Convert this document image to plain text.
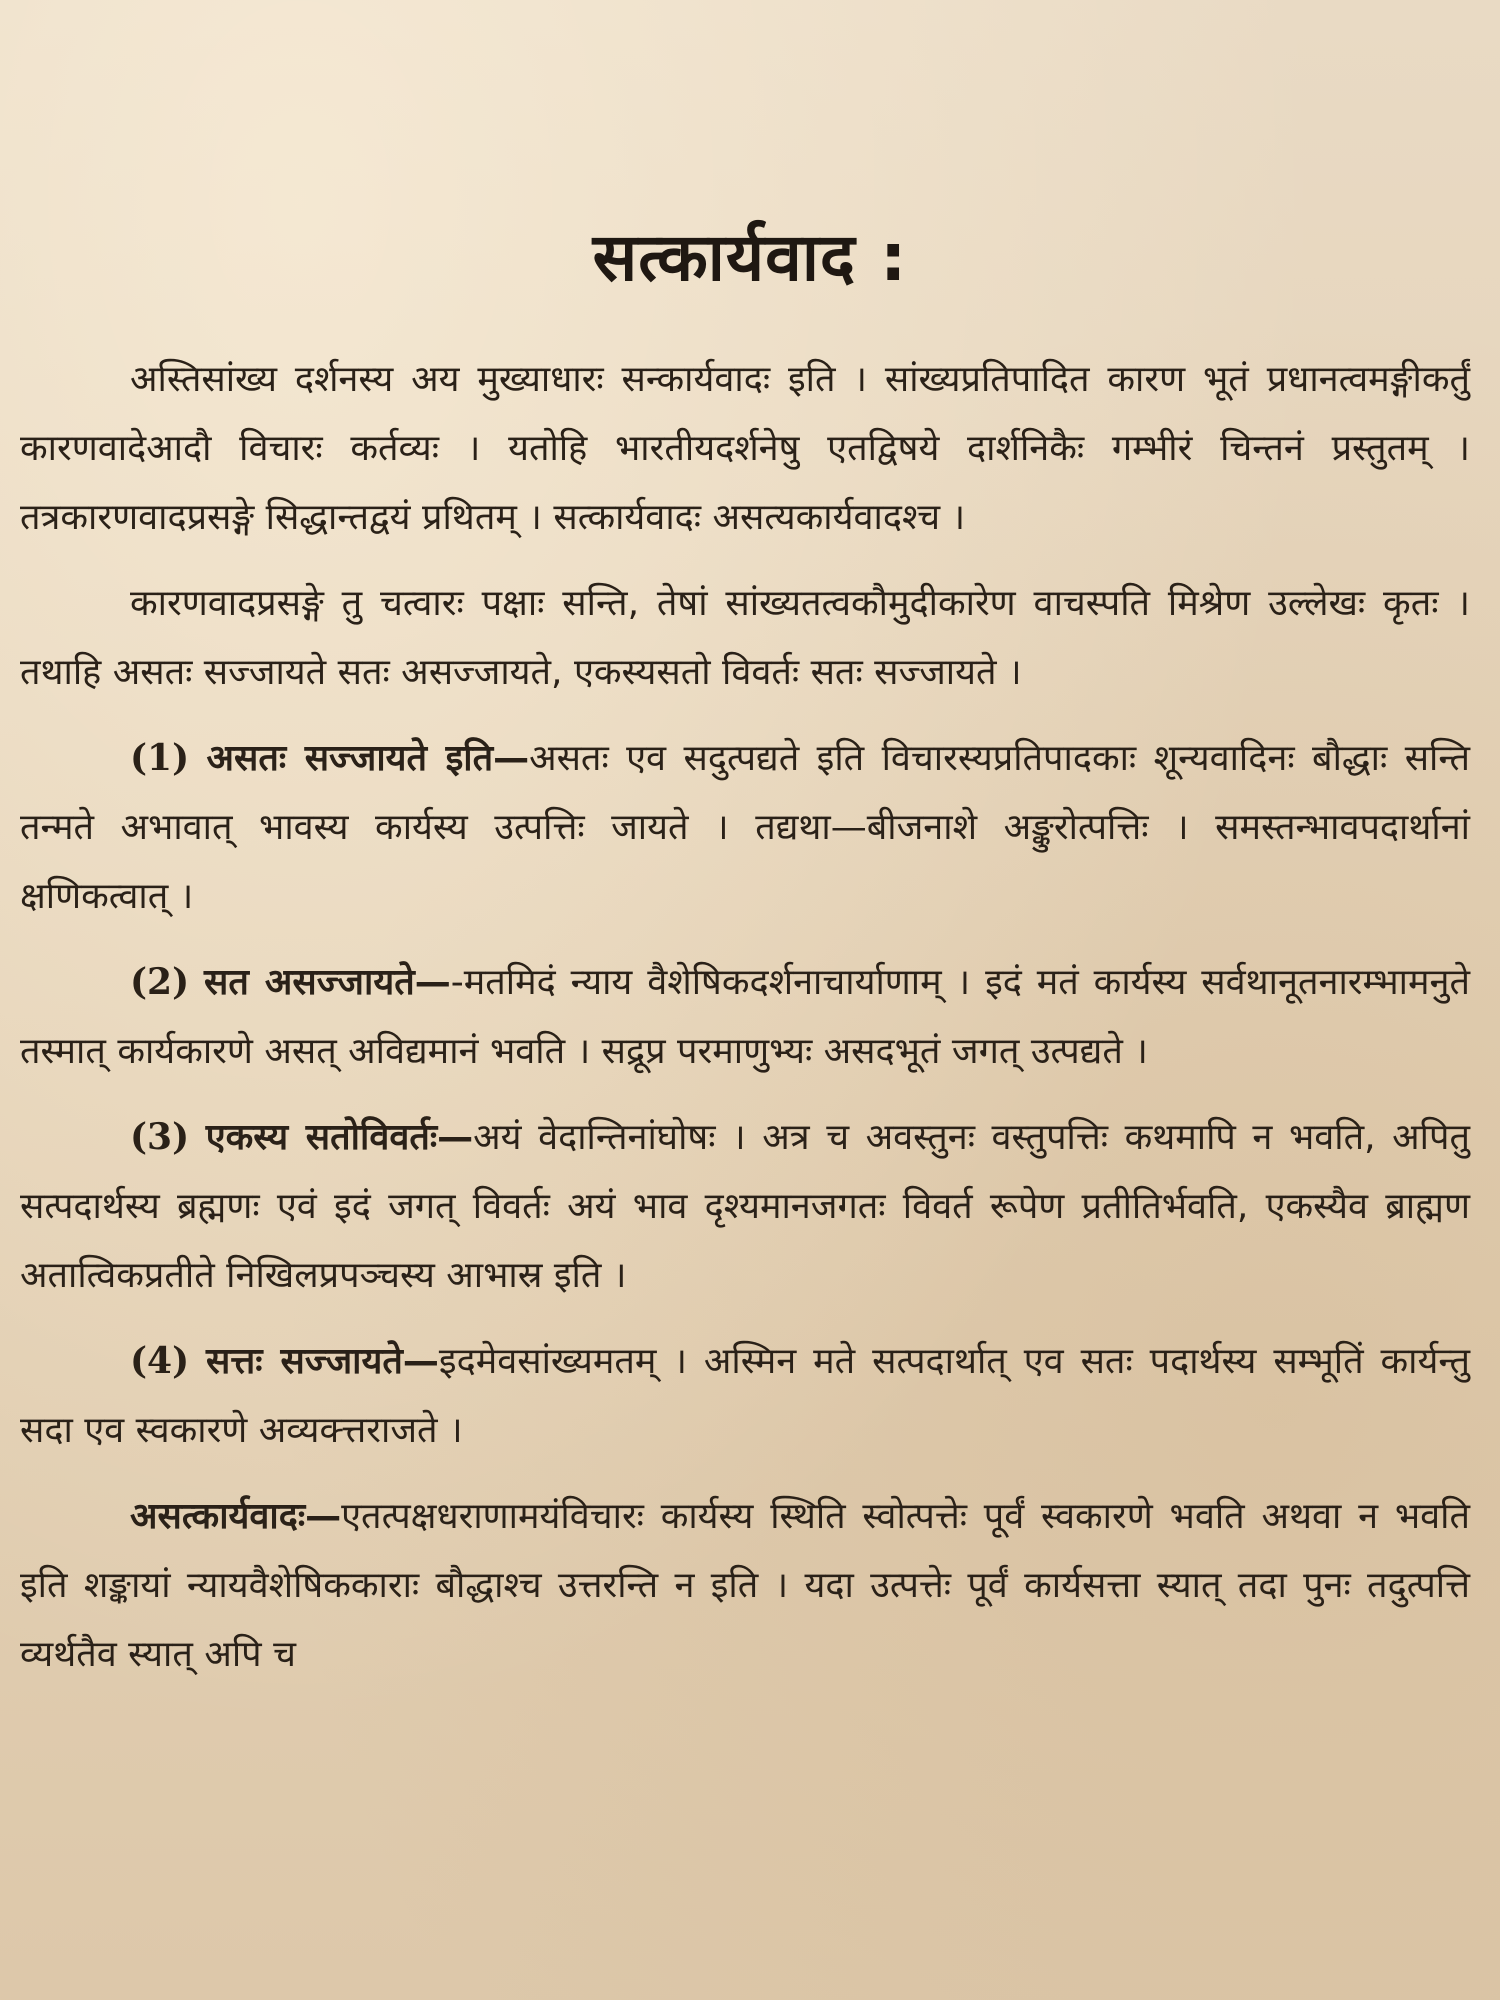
सत्कार्यवाद :

अस्तिसांख्य दर्शनस्य अय मुख्याधारः सन्कार्यवादः इति । सांख्यप्रतिपादित कारण भूतं प्रधानत्वमङ्गीकर्तुं कारणवादेआदौ विचारः कर्तव्यः । यतोहि भारतीयदर्शनेषु एतद्विषये दार्शनिकैः गम्भीरं चिन्तनं प्रस्तुतम् । तत्रकारणवादप्रसङ्गे सिद्धान्तद्वयं प्रथितम् । सत्कार्यवादः असत्यकार्यवादश्च ।

कारणवादप्रसङ्गे तु चत्वारः पक्षाः सन्ति, तेषां सांख्यतत्वकौमुदीकारेण वाचस्पति मिश्रेण उल्लेखः कृतः । तथाहि असतः सज्जायते सतः असज्जायते, एकस्यसतो विवर्तः सतः सज्जायते ।

(1) असतः सज्जायते इति—असतः एव सदुत्पद्यते इति विचारस्यप्रतिपादकाः शून्यवादिनः बौद्धाः सन्ति तन्मते अभावात् भावस्य कार्यस्य उत्पत्तिः जायते । तद्यथा—बीजनाशे अङ्कुरोत्पत्तिः । समस्तन्भावपदार्थानां क्षणिकत्वात् ।

(2) सत असज्जायते—-मतमिदं न्याय वैशेषिकदर्शनाचार्याणाम् । इदं मतं कार्यस्य सर्वथानूतनारम्भामनुते तस्मात् कार्यकारणे असत् अविद्यमानं भवति । सद्रूप्र परमाणुभ्यः असदभूतं जगत् उत्पद्यते ।

(3) एकस्य सतोविवर्तः—अयं वेदान्तिनांघोषः । अत्र च अवस्तुनः वस्तुपत्तिः कथमापि न भवति, अपितु सत्पदार्थस्य ब्रह्मणः एवं इदं जगत् विवर्तः अयं भाव दृश्यमानजगतः विवर्त रूपेण प्रतीतिर्भवति, एकस्यैव ब्राह्मण अतात्विकप्रतीते निखिलप्रपञ्चस्य आभास्र इति ।

(4) सत्तः सज्जायते—इदमेवसांख्यमतम् । अस्मिन मते सत्पदार्थात् एव सतः पदार्थस्य सम्भूतिं कार्यन्तु सदा एव स्वकारणे अव्यक्त्तराजते ।

असत्कार्यवादः—एतत्पक्षधराणामयंविचारः कार्यस्य स्थिति स्वोत्पत्तेः पूर्वं स्वकारणे भवति अथवा न भवति इति शङ्कायां न्यायवैशेषिककाराः बौद्धाश्च उत्तरन्ति न इति । यदा उत्पत्तेः पूर्वं कार्यसत्ता स्यात् तदा पुनः तदुत्पत्ति व्यर्थतैव स्यात् अपि च
